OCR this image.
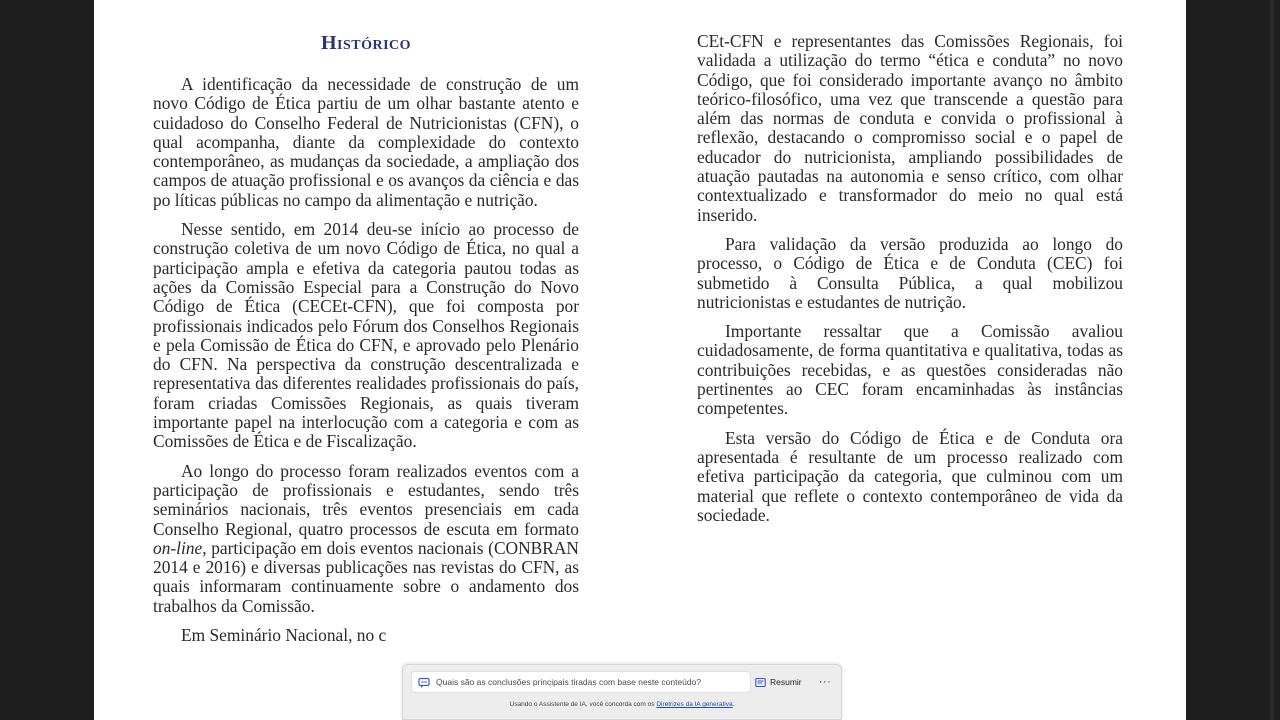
Histórico

A identificação da necessidade de construção de um novo Código de Ética partiu de um olhar bastante atento e cuidadoso do Conselho Federal de Nutricionistas (CFN), o qual acompanha, diante da complexidade do contexto contemporâneo, as mudanças da sociedade, a ampliação dos campos de atuação profissional e os avanços da ciência e das po líticas públicas no campo da alimentação e nutrição.

Nesse sentido, em 2014 deu-se início ao processo de construção coletiva de um novo Código de Ética, no qual a participação ampla e efetiva da categoria pautou todas as ações da Comissão Especial para a Construção do Novo Código de Ética (CECEt-CFN), que foi composta por profissionais indicados pelo Fórum dos Conselhos Regionais e pela Comissão de Ética do CFN, e aprovado pelo Plenário do CFN. Na perspectiva da construção descentralizada e representativa das diferentes realidades profissionais do país, foram criadas Comissões Regionais, as quais tiveram importante papel na interlocução com a categoria e com as Comissões de Ética e de Fiscalização.

Ao longo do processo foram realizados eventos com a participação de profissionais e estudantes, sendo três seminários nacionais, três eventos presenciais em cada Conselho Regional, quatro processos de escuta em formato on-line, participação em dois eventos nacionais (CONBRAN 2014 e 2016) e diversas publicações nas revistas do CFN, as quais informaram continuamente sobre o andamento dos trabalhos da Comissão.

Em Seminário Nacional, no c

CEt-CFN e representantes das Comissões Regionais, foi validada a utilização do termo “ética e conduta” no novo Código, que foi considerado importante avanço no âmbito teórico-filosófico, uma vez que transcende a questão para além das normas de conduta e convida o profissional à reflexão, destacando o compromisso social e o papel de educador do nutricionista, ampliando possibilidades de atuação pautadas na autonomia e senso crítico, com olhar contextualizado e transformador do meio no qual está inserido.

Para validação da versão produzida ao longo do processo, o Código de Ética e de Conduta (CEC) foi submetido à Consulta Pública, a qual mobilizou nutricionistas e estudantes de nutrição.

Importante ressaltar que a Comissão avaliou cuidadosamente, de forma quantitativa e qualitativa, todas as contribuições recebidas, e as questões consideradas não pertinentes ao CEC foram encaminhadas às instâncias competentes.

Esta versão do Código de Ética e de Conduta ora apresentada é resultante de um processo realizado com efetiva participação da categoria, que culminou com um material que reflete o contexto contemporâneo de vida da sociedade.

Quais são as conclusões principais tiradas com base neste conteúdo?	Resumir ···
Usando o Assistente de IA, você concorda com os Diretrizes da IA generativa.
